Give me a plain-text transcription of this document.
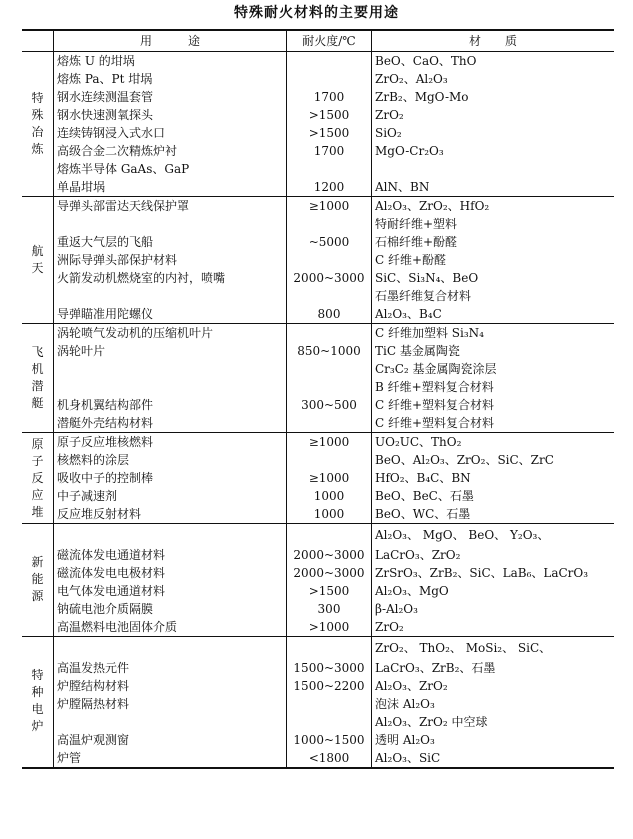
特殊耐火材料的主要用途
	用　　　途	耐火度/℃	材　　质
特殊冶炼	熔炼 U 的坩埚		BeO、CaO、ThO
	熔炼 Pa、Pt 坩埚		ZrO₂、Al₂O₃
	钢水连续测温套管	1700	ZrB₂、MgO-Mo
	钢水快速测氧探头	>1500	ZrO₂
	连续铸钢浸入式水口	>1500	SiO₂
	高级合金二次精炼炉衬	1700	MgO-Cr₂O₃
	熔炼半导体 GaAs、GaP		
	单晶坩埚	1200	AlN、BN
航天	导弹头部雷达天线保护罩	≥1000	Al₂O₃、ZrO₂、HfO₂
			特耐纤维+塑料
	重返大气层的飞船	~5000	石棉纤维+酚醛
	洲际导弹头部保护材料		C 纤维+酚醛
	火箭发动机燃烧室的内衬，喷嘴	2000~3000	SiC、Si₃N₄、BeO
			石墨纤维复合材料
	导弹瞄准用陀螺仪	800	Al₂O₃、B₄C
飞机潜艇	涡轮喷气发动机的压缩机叶片		C 纤维加塑料 Si₃N₄
	涡轮叶片	850~1000	TiC 基金属陶瓷
			Cr₃C₂ 基金属陶瓷涂层
			B 纤维+塑料复合材料
	机身机翼结构部件	300~500	C 纤维+塑料复合材料
	潜艇外壳结构材料		C 纤维+塑料复合材料
原子反应堆	原子反应堆核燃料	≥1000	UO₂UC、ThO₂
	核燃料的涂层		BeO、Al₂O₃、ZrO₂、SiC、ZrC
	吸收中子的控制棒	≥1000	HfO₂、B₄C、BN
	中子减速剂	1000	BeO、BeC、石墨
	反应堆反射材料	1000	BeO、WC、石墨
新能源			Al₂O₃、 MgO、 BeO、 Y₂O₃、
	磁流体发电通道材料	2000~3000	LaCrO₃、ZrO₂
	磁流体发电电极材料	2000~3000	ZrSrO₃、ZrB₂、SiC、LaB₆、LaCrO₃
	电气体发电通道材料	>1500	Al₂O₃、MgO
	钠硫电池介质隔膜	300	β-Al₂O₃
	高温燃料电池固体介质	>1000	ZrO₂
特种电炉			ZrO₂、 ThO₂、 MoSi₂、 SiC、
	高温发热元件	1500~3000	LaCrO₃、ZrB₂、石墨
	炉膛结构材料	1500~2200	Al₂O₃、ZrO₂
	炉膛隔热材料		泡沫 Al₂O₃
			Al₂O₃、ZrO₂ 中空球
	高温炉观测窗	1000~1500	透明 Al₂O₃
	炉管	<1800	Al₂O₃、SiC
